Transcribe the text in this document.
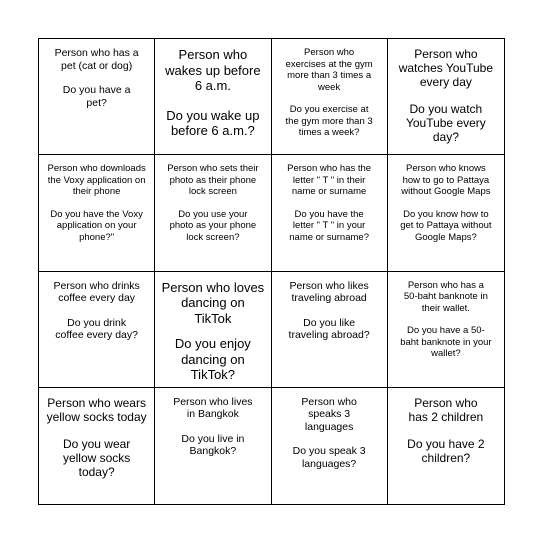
Person who has a pet (cat or dog)
Do you have a pet?
Person who wakes up before 6 a.m.
Do you wake up before 6 a.m.?
Person who exercises at the gym more than 3 times a week
Do you exercise at the gym more than 3 times a week?
Person who watches YouTube every day
Do you watch YouTube every day?
Person who downloads the Voxy application on their phone
Do you have the Voxy application on your phone?"
Person who sets their photo as their phone lock screen
Do you use your photo as your phone lock screen?
Person who has the letter " T " in their name or surname
Do you have the letter " T " in your name or surname?
Person who knows how to go to Pattaya without Google Maps
Do you know how to get to Pattaya without Google Maps?
Person who drinks coffee every day
Do you drink coffee every day?
Person who loves dancing on TikTok
Do you enjoy dancing on TikTok?
Person who likes traveling abroad
Do you like traveling abroad?
Person who has a 50-baht banknote in their wallet.
Do you have a 50-baht banknote in your wallet?
Person who wears yellow socks today
Do you wear yellow socks today?
Person who lives in Bangkok
Do you live in Bangkok?
Person who speaks 3 languages
Do you speak 3 languages?
Person who has 2 children
Do you have 2 children?
